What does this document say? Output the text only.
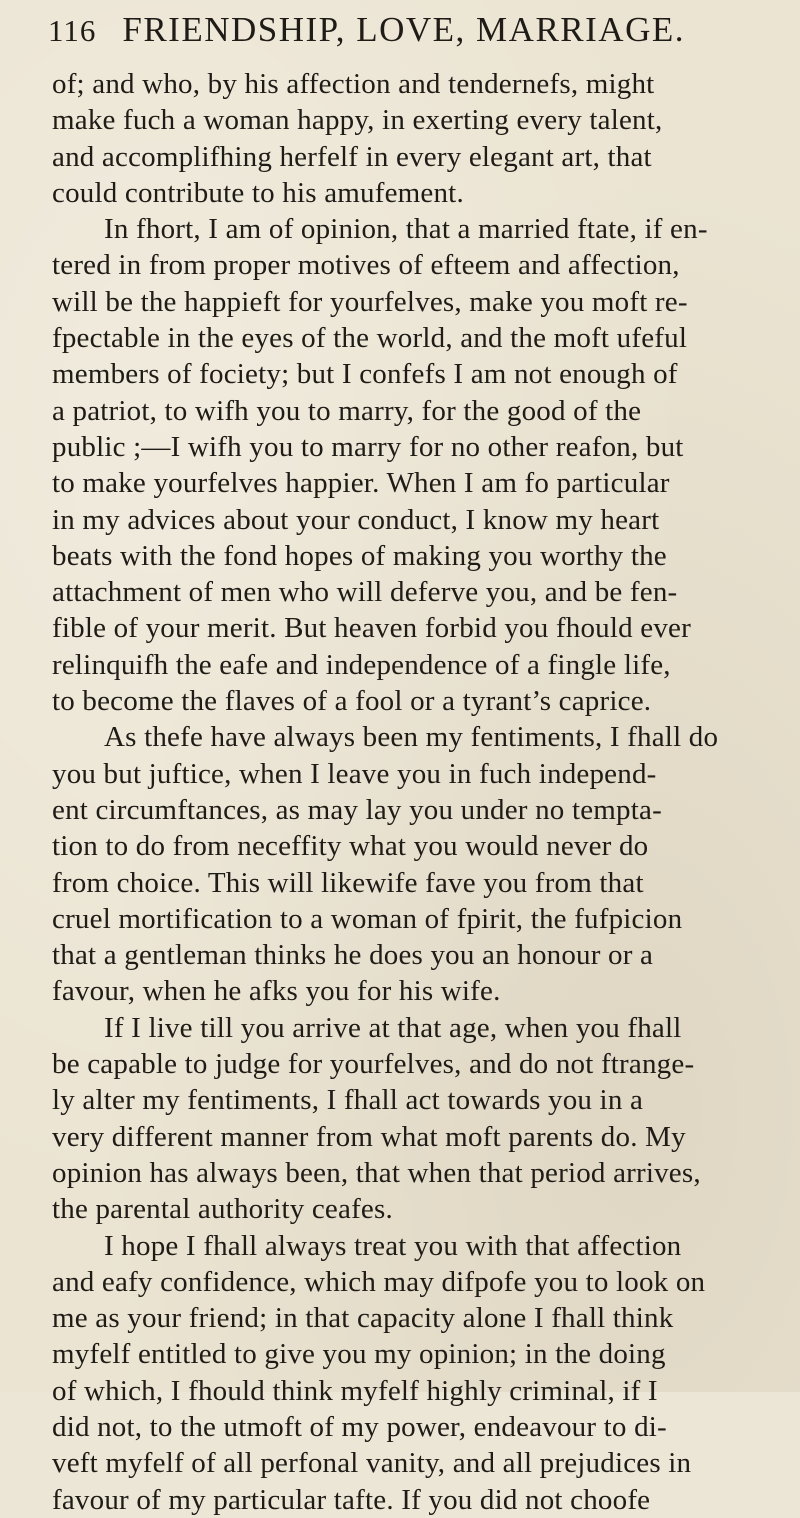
116 FRIENDSHIP, LOVE, MARRIAGE.
of; and who, by his affection and tendernefs, might
make fuch a woman happy, in exerting every talent,
and accomplifhing herfelf in every elegant art, that
could contribute to his amufement.
In fhort, I am of opinion, that a married ftate, if en-
tered in from proper motives of efteem and affection,
will be the happieft for yourfelves, make you moft re-
fpectable in the eyes of the world, and the moft ufeful
members of fociety; but I confefs I am not enough of
a patriot, to wifh you to marry, for the good of the
public ;—I wifh you to marry for no other reafon, but
to make yourfelves happier. When I am fo particular
in my advices about your conduct, I know my heart
beats with the fond hopes of making you worthy the
attachment of men who will deferve you, and be fen-
fible of your merit. But heaven forbid you fhould ever
relinquifh the eafe and independence of a fingle life,
to become the flaves of a fool or a tyrant’s caprice.
As thefe have always been my fentiments, I fhall do
you but juftice, when I leave you in fuch independ-
ent circumftances, as may lay you under no tempta-
tion to do from neceffity what you would never do
from choice. This will likewife fave you from that
cruel mortification to a woman of fpirit, the fufpicion
that a gentleman thinks he does you an honour or a
favour, when he afks you for his wife.
If I live till you arrive at that age, when you fhall
be capable to judge for yourfelves, and do not ftrange-
ly alter my fentiments, I fhall act towards you in a
very different manner from what moft parents do. My
opinion has always been, that when that period arrives,
the parental authority ceafes.
I hope I fhall always treat you with that affection
and eafy confidence, which may difpofe you to look on
me as your friend; in that capacity alone I fhall think
myfelf entitled to give you my opinion; in the doing
of which, I fhould think myfelf highly criminal, if I
did not, to the utmoft of my power, endeavour to di-
veft myfelf of all perfonal vanity, and all prejudices in
favour of my particular tafte. If you did not choofe
